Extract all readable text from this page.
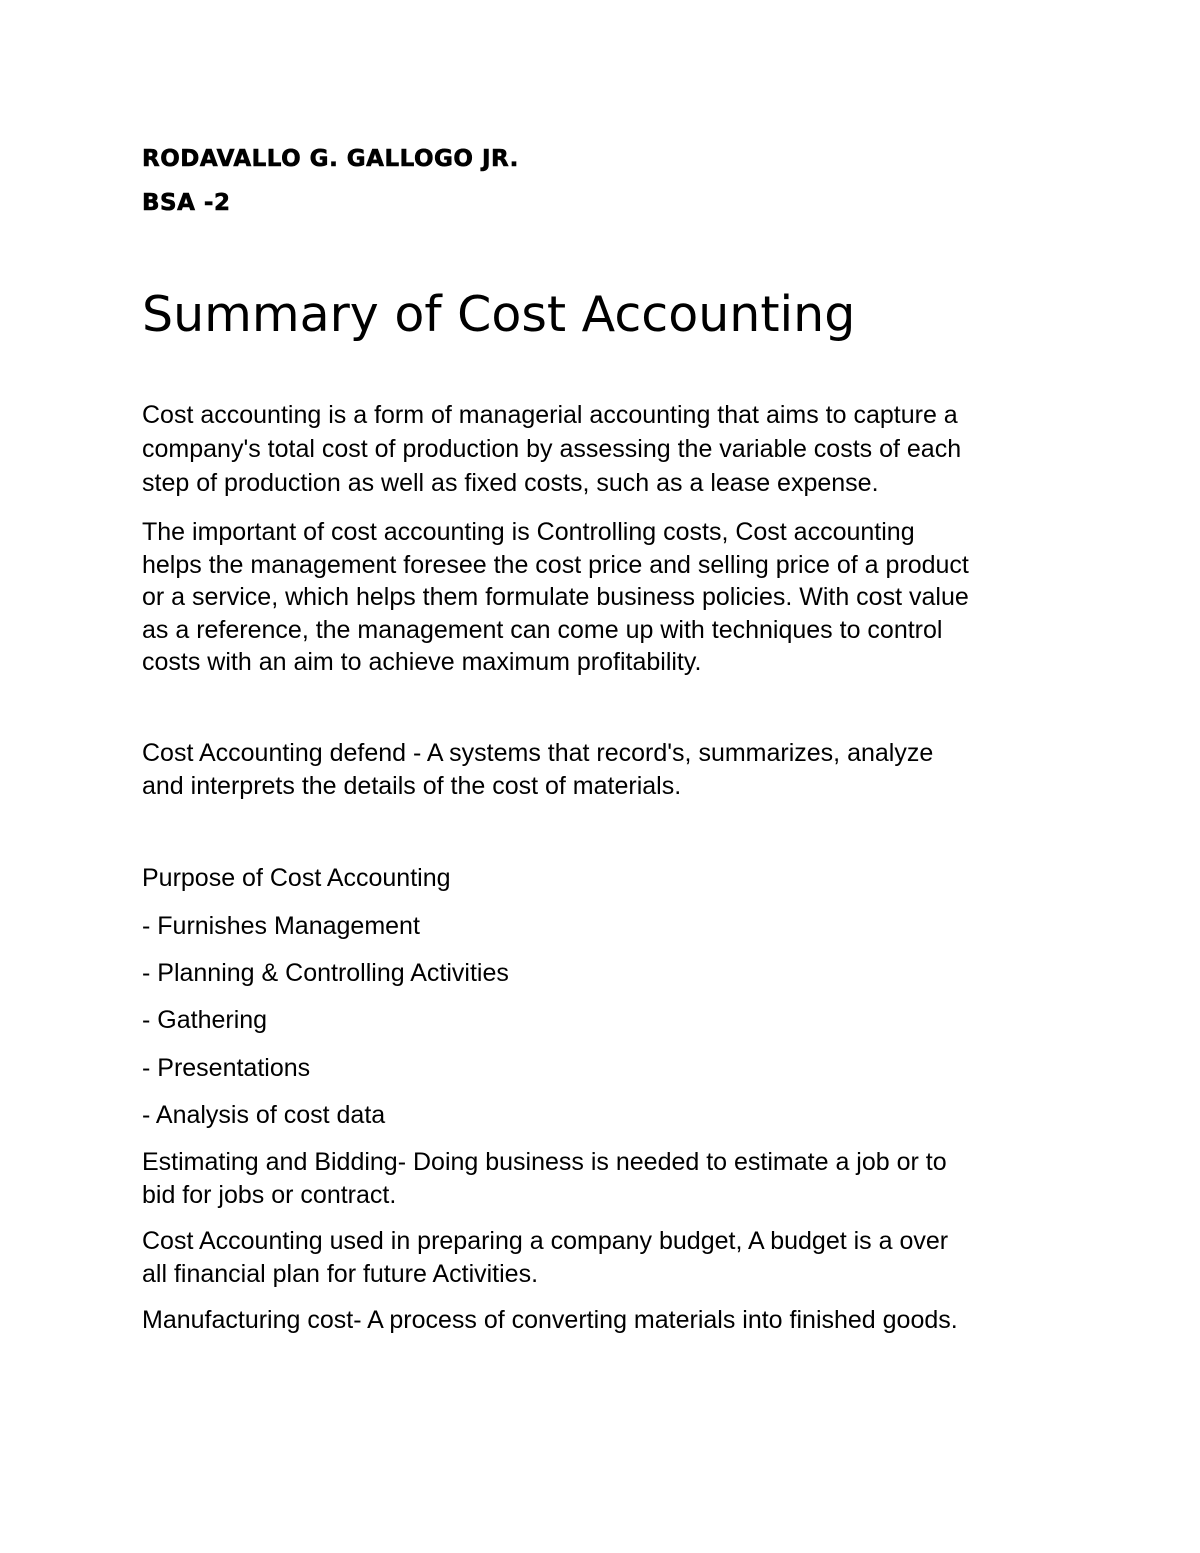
RODAVALLO G. GALLOGO JR.
BSA -2
Summary of Cost Accounting

Cost accounting is a form of managerial accounting that aims to capture a
company's total cost of production by assessing the variable costs of each
step of production as well as fixed costs, such as a lease expense.

The important of cost accounting is Controlling costs, Cost accounting
helps the management foresee the cost price and selling price of a product
or a service, which helps them formulate business policies. With cost value
as a reference, the management can come up with techniques to control
costs with an aim to achieve maximum profitability.

Cost Accounting defend - A systems that record's, summarizes, analyze
and interprets the details of the cost of materials.

Purpose of Cost Accounting

- Furnishes Management
- Planning & Controlling Activities
- Gathering
- Presentations
- Analysis of cost data

Estimating and Bidding- Doing business is needed to estimate a job or to
bid for jobs or contract.

Cost Accounting used in preparing a company budget, A budget is a over
all financial plan for future Activities.

Manufacturing cost- A process of converting materials into finished goods.
